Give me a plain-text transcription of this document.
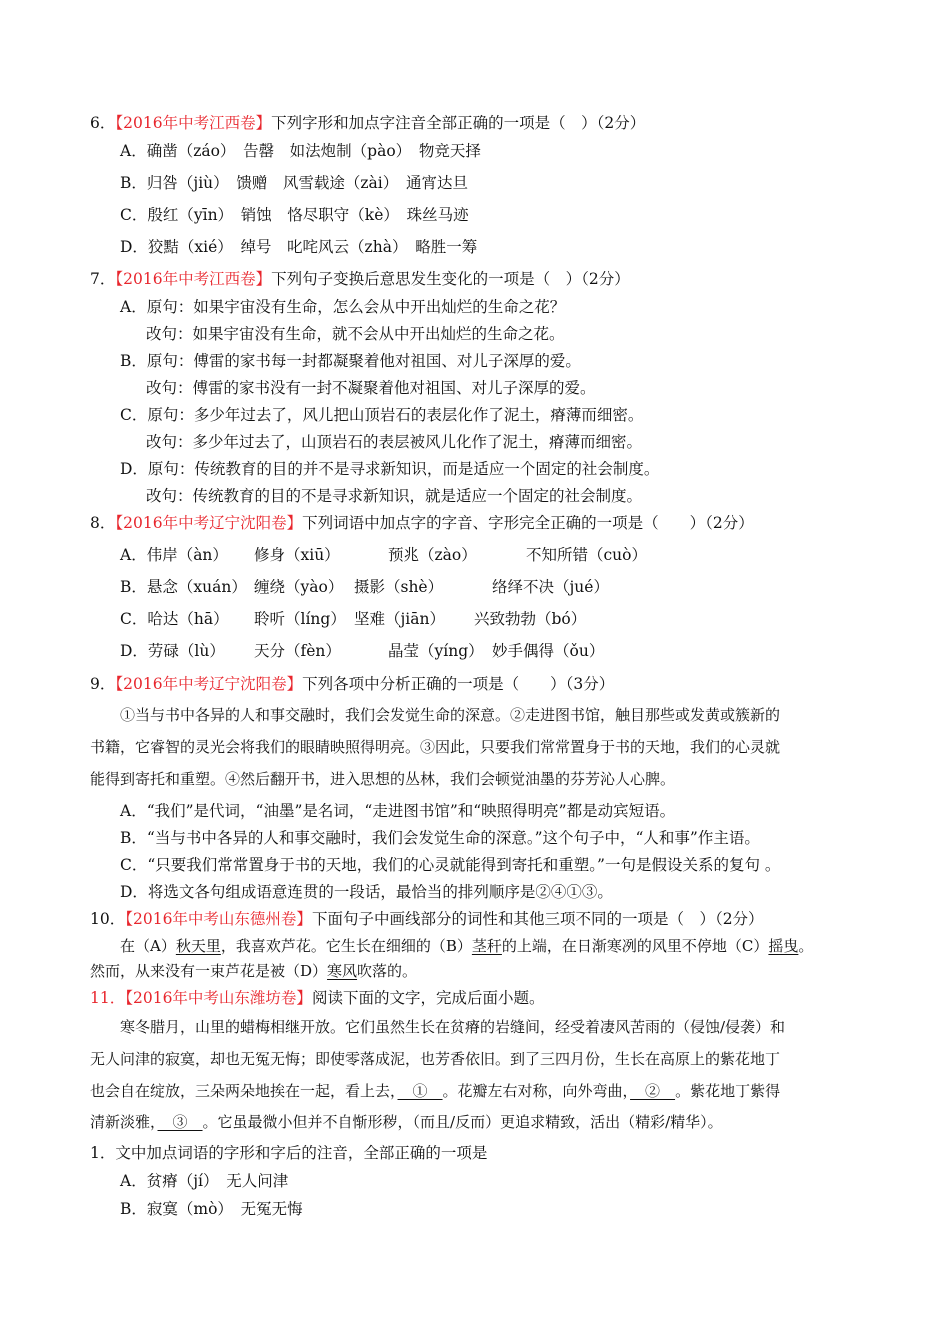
6．【2016年中考江西卷】下列字形和加点字注音全部正确的一项是（　）（2分）
A．确凿（záo）　告罄　如法炮制（pào）　物竞天择
B．归咎（jiù）　馈赠　风雪载途（zài）　通宵达旦
C．殷红（yīn）　销蚀　恪尽职守（kè）　珠丝马迹
D．狡黠（xié）　绰号　叱咤风云（zhà）　略胜一筹
7．【2016年中考江西卷】下列句子变换后意思发生变化的一项是（　）（2分）
A．原句：如果宇宙没有生命，怎么会从中开出灿烂的生命之花？
改句：如果宇宙没有生命，就不会从中开出灿烂的生命之花。
B．原句：傅雷的家书每一封都凝聚着他对祖国、对儿子深厚的爱。
改句：傅雷的家书没有一封不凝聚着他对祖国、对儿子深厚的爱。
C．原句：多少年过去了，风儿把山顶岩石的表层化作了泥土，瘠薄而细密。
改句：多少年过去了，山顶岩石的表层被风儿化作了泥土，瘠薄而细密。
D．原句：传统教育的目的并不是寻求新知识，而是适应一个固定的社会制度。
改句：传统教育的目的不是寻求新知识，就是适应一个固定的社会制度。
8．【2016年中考辽宁沈阳卷】下列词语中加点字的字音、字形完全正确的一项是（　　）（2分）
A．伟岸（àn） 修身（xiū）	预兆（zào）	不知所错（cuò）
B．悬念（xuán） 缠绕（yào） 摄影（shè）	络绎不决（jué）
C．哈达（hā） 聆听（líng） 坚难（jiān） 兴致勃勃（bó）
D．劳碌（lù） 天分（fèn）	晶莹（yíng） 妙手偶得（ǒu）
9．【2016年中考辽宁沈阳卷】下列各项中分析正确的一项是（　　）（3分）
①当与书中各异的人和事交融时，我们会发觉生命的深意。②走进图书馆，触目那些或发黄或簇新的
书籍，它睿智的灵光会将我们的眼睛映照得明亮。③因此，只要我们常常置身于书的天地，我们的心灵就
能得到寄托和重塑。④然后翻开书，进入思想的丛林，我们会顿觉油墨的芬芳沁人心脾。
A．“我们”是代词，“油墨”是名词，“走进图书馆”和“映照得明亮”都是动宾短语。
B．“当与书中各异的人和事交融时，我们会发觉生命的深意。”这个句子中，“人和事”作主语。
C．“只要我们常常置身于书的天地，我们的心灵就能得到寄托和重塑。”一句是假设关系的复句 。
D．将选文各句组成语意连贯的一段话，最恰当的排列顺序是②④①③。
10．【2016年中考山东德州卷】下面句子中画线部分的词性和其他三项不同的一项是（　）（2分）
在（A）秋天里，我喜欢芦花。它生长在细细的（B）茎秆的上端，在日渐寒冽的风里不停地（C）摇曳。
然而，从来没有一束芦花是被（D）寒风吹落的。
11．【2016年中考山东潍坊卷】阅读下面的文字，完成后面小题。
寒冬腊月，山里的蜡梅相继开放。它们虽然生长在贫瘠的岩缝间，经受着凄风苦雨的（侵蚀/侵袭）和
无人问津的寂寞，却也无冤无悔；即使零落成泥，也芳香依旧。到了三四月份，生长在高原上的紫花地丁
也会自在绽放，三朵两朵地挨在一起，看上去，　①　。花瓣左右对称，向外弯曲，　②　。紫花地丁紫得
清新淡雅，　③　。它虽最微小但并不自惭形秽，（而且/反而）更追求精致，活出（精彩/精华）。
1．文中加点词语的字形和字后的注音，全部正确的一项是
A．贫瘠（jí）　无人问津
B．寂寞（mò）　无冤无悔
